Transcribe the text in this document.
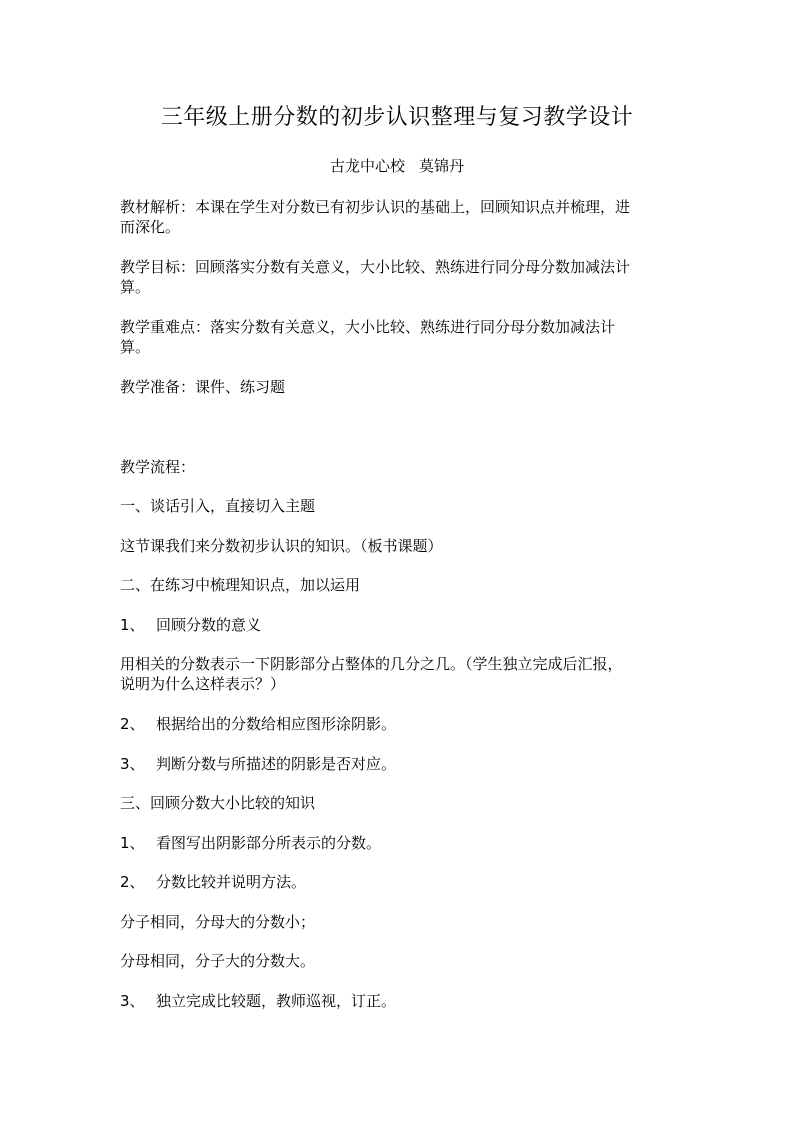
三年级上册分数的初步认识整理与复习教学设计
古龙中心校 莫锦丹

教材解析：本课在学生对分数已有初步认识的基础上，回顾知识点并梳理，进
而深化。

教学目标：回顾落实分数有关意义，大小比较、熟练进行同分母分数加减法计
算。

教学重难点：落实分数有关意义，大小比较、熟练进行同分母分数加减法计
算。

教学准备：课件、练习题

教学流程：

一、谈话引入，直接切入主题

这节课我们来分数初步认识的知识。（板书课题）

二、在练习中梳理知识点，加以运用

1、 回顾分数的意义

用相关的分数表示一下阴影部分占整体的几分之几。（学生独立完成后汇报，
说明为什么这样表示？）

2、 根据给出的分数给相应图形涂阴影。

3、 判断分数与所描述的阴影是否对应。

三、回顾分数大小比较的知识

1、 看图写出阴影部分所表示的分数。

2、 分数比较并说明方法。

分子相同，分母大的分数小；

分母相同，分子大的分数大。

3、 独立完成比较题，教师巡视，订正。
